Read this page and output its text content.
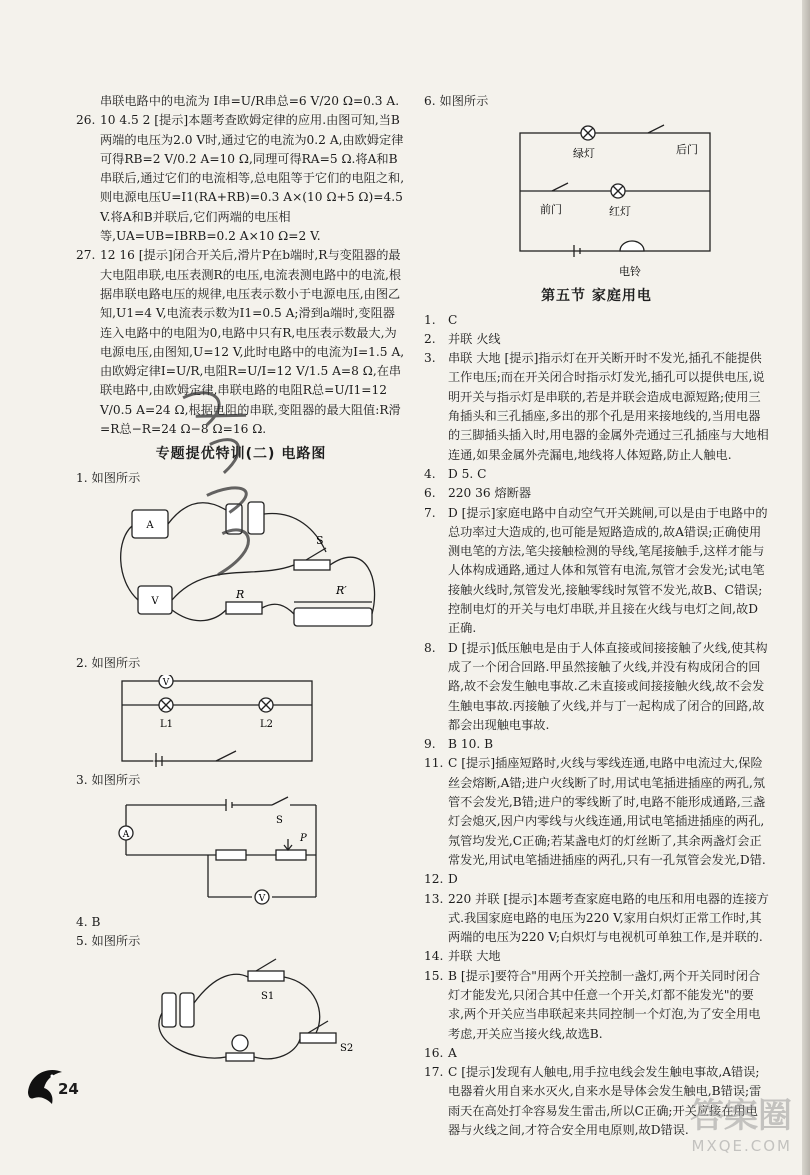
串联电路中的电流为 I串=U/R串总=6 V/20 Ω=0.3 A.

26. 10 4.5 2 [提示]本题考查欧姆定律的应用.由图可知,当B两端的电压为2.0 V时,通过它的电流为0.2 A,由欧姆定律可得RB=2 V/0.2 A=10 Ω,同理可得RA=5 Ω.将A和B串联后,通过它们的电流相等,总电阻等于它们的电阻之和,则电源电压U=I1(RA+RB)=0.3 A×(10 Ω+5 Ω)=4.5 V.将A和B并联后,它们两端的电压相等,UA=UB=IBRB=0.2 A×10 Ω=2 V.
27. 12 16 [提示]闭合开关后,滑片P在b端时,R与变阻器的最大电阻串联,电压表测R的电压,电流表测电路中的电流,根据串联电路电压的规律,电压表示数小于电源电压,由图乙知,U1=4 V,电流表示数为I1=0.5 A;滑到a端时,变阻器连入电路中的电阻为0,电路中只有R,电压表示数最大,为电源电压,由图知,U=12 V,此时电路中的电流为I=1.5 A,由欧姆定律I=U/R,电阻R=U/I=12 V/1.5 A=8 Ω,在串联电路中,由欧姆定律,串联电路的电阻R总=U/I1=12 V/0.5 A=24 Ω,根据电阻的串联,变阻器的最大阻值:R滑=R总−R=24 Ω−8 Ω=16 Ω.
专题提优特训(二) 电路图

1. 如图所示

A
V
S
R	R′

2. 如图所示

V
L1	L2

3. 如图所示

A
S
P
V

4. B

5. 如图所示

S1
S2

6. 如图所示

绿灯	后门
前门	红灯
电铃
第五节 家庭用电
1. C
2. 并联 火线
3. 串联 大地 [提示]指示灯在开关断开时不发光,插孔不能提供工作电压;而在开关闭合时指示灯发光,插孔可以提供电压,说明开关与指示灯是串联的,若是并联会造成电源短路;使用三角插头和三孔插座,多出的那个孔是用来接地线的,当用电器的三脚插头插入时,用电器的金属外壳通过三孔插座与大地相连通,如果金属外壳漏电,地线将人体短路,防止人触电.
4. D 5. C
6. 220 36 熔断器
7. D [提示]家庭电路中自动空气开关跳闸,可以是由于电路中的总功率过大造成的,也可能是短路造成的,故A错误;正确使用测电笔的方法,笔尖接触检测的导线,笔尾接触手,这样才能与人体构成通路,通过人体和氖管有电流,氖管才会发光;试电笔接触火线时,氖管发光,接触零线时氖管不发光,故B、C错误;控制电灯的开关与电灯串联,并且接在火线与电灯之间,故D正确.
8. D [提示]低压触电是由于人体直接或间接接触了火线,使其构成了一个闭合回路.甲虽然接触了火线,并没有构成闭合的回路,故不会发生触电事故.乙未直接或间接接触火线,故不会发生触电事故.丙接触了火线,并与丁一起构成了闭合的回路,故都会出现触电事故.
9. B 10. B
11. C [提示]插座短路时,火线与零线连通,电路中电流过大,保险丝会熔断,A错;进户火线断了时,用试电笔插进插座的两孔,氖管不会发光,B错;进户的零线断了时,电路不能形成通路,三盏灯会熄灭,因户内零线与火线连通,用试电笔插进插座的两孔,氖管均发光,C正确;若某盏电灯的灯丝断了,其余两盏灯会正常发光,用试电笔插进插座的两孔,只有一孔氖管会发光,D错.
12. D
13. 220 并联 [提示]本题考查家庭电路的电压和用电器的连接方式.我国家庭电路的电压为220 V,家用白炽灯正常工作时,其两端的电压为220 V;白炽灯与电视机可单独工作,是并联的.
14. 并联 大地
15. B [提示]要符合"用两个开关控制一盏灯,两个开关同时闭合灯才能发光,只闭合其中任意一个开关,灯都不能发光"的要求,两个开关应当串联起来共同控制一个灯泡,为了安全用电考虑,开关应当接火线,故选B.
16. A
17. C [提示]发现有人触电,用手拉电线会发生触电事故,A错误;电器着火用自来水灭火,自来水是导体会发生触电,B错误;雷雨天在高处打伞容易发生雷击,所以C正确;开关应接在用电器与火线之间,才符合安全用电原则,故D错误.
24
答案圈
MXQE.COM
